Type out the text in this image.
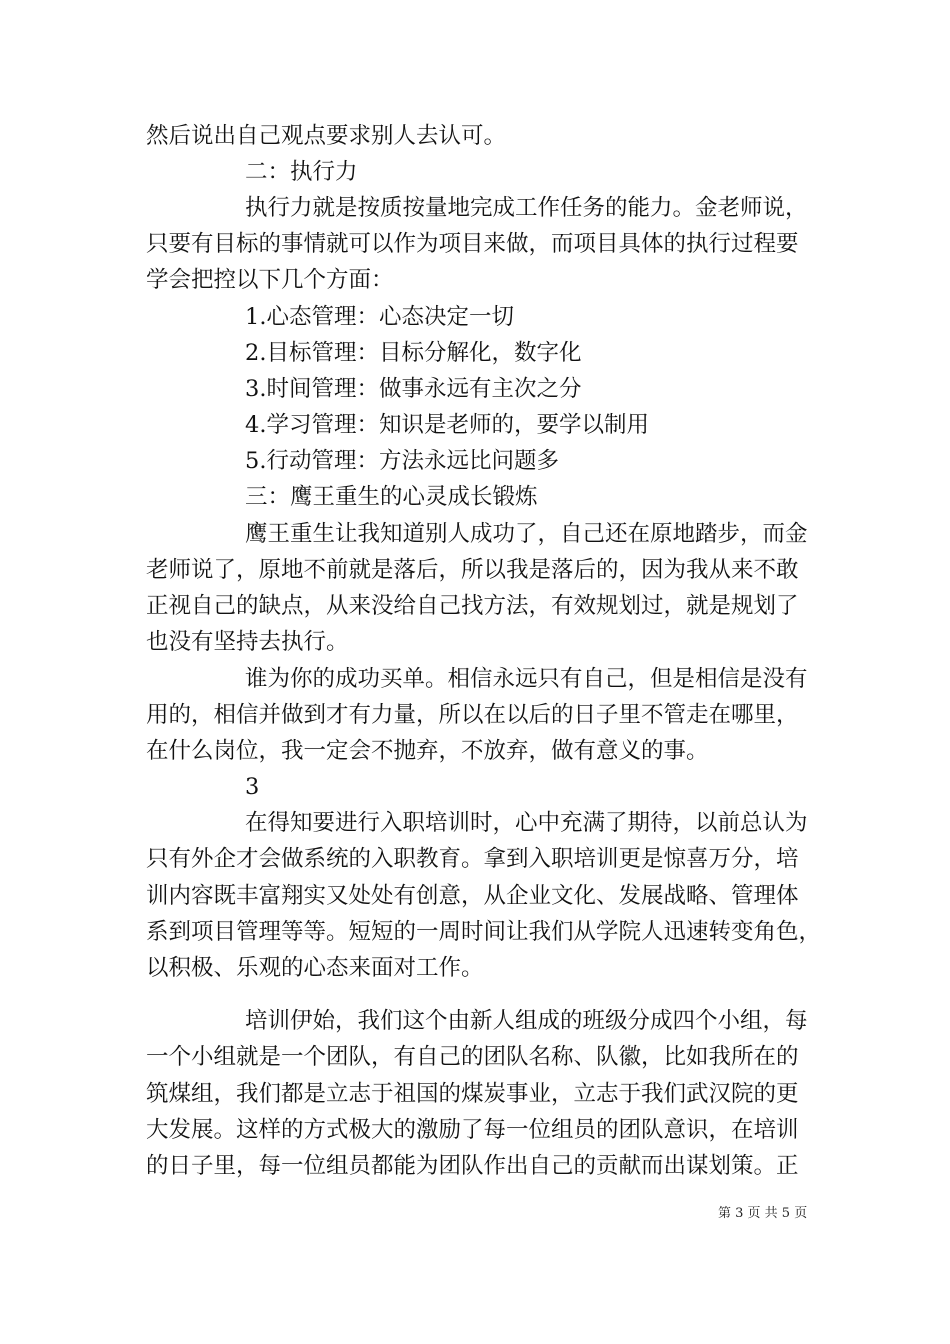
然后说出自己观点要求别人去认可。
二：执行力
执行力就是按质按量地完成工作任务的能力。金老师说，
只要有目标的事情就可以作为项目来做，而项目具体的执行过程要
学会把控以下几个方面：
1.心态管理：心态决定一切
2.目标管理：目标分解化，数字化
3.时间管理：做事永远有主次之分
4.学习管理：知识是老师的，要学以制用
5.行动管理：方法永远比问题多
三：鹰王重生的心灵成长锻炼
鹰王重生让我知道别人成功了，自己还在原地踏步，而金
老师说了，原地不前就是落后，所以我是落后的，因为我从来不敢
正视自己的缺点，从来没给自己找方法，有效规划过，就是规划了
也没有坚持去执行。
谁为你的成功买单。相信永远只有自己，但是相信是没有
用的，相信并做到才有力量，所以在以后的日子里不管走在哪里，
在什么岗位，我一定会不抛弃，不放弃，做有意义的事。
3
在得知要进行入职培训时，心中充满了期待，以前总认为
只有外企才会做系统的入职教育。拿到入职培训更是惊喜万分，培
训内容既丰富翔实又处处有创意，从企业文化、发展战略、管理体
系到项目管理等等。短短的一周时间让我们从学院人迅速转变角色，
以积极、乐观的心态来面对工作。
培训伊始，我们这个由新人组成的班级分成四个小组，每
一个小组就是一个团队，有自己的团队名称、队徽，比如我所在的
筑煤组，我们都是立志于祖国的煤炭事业，立志于我们武汉院的更
大发展。这样的方式极大的激励了每一位组员的团队意识，在培训
的日子里，每一位组员都能为团队作出自己的贡献而出谋划策。正
第 3 页 共 5 页
